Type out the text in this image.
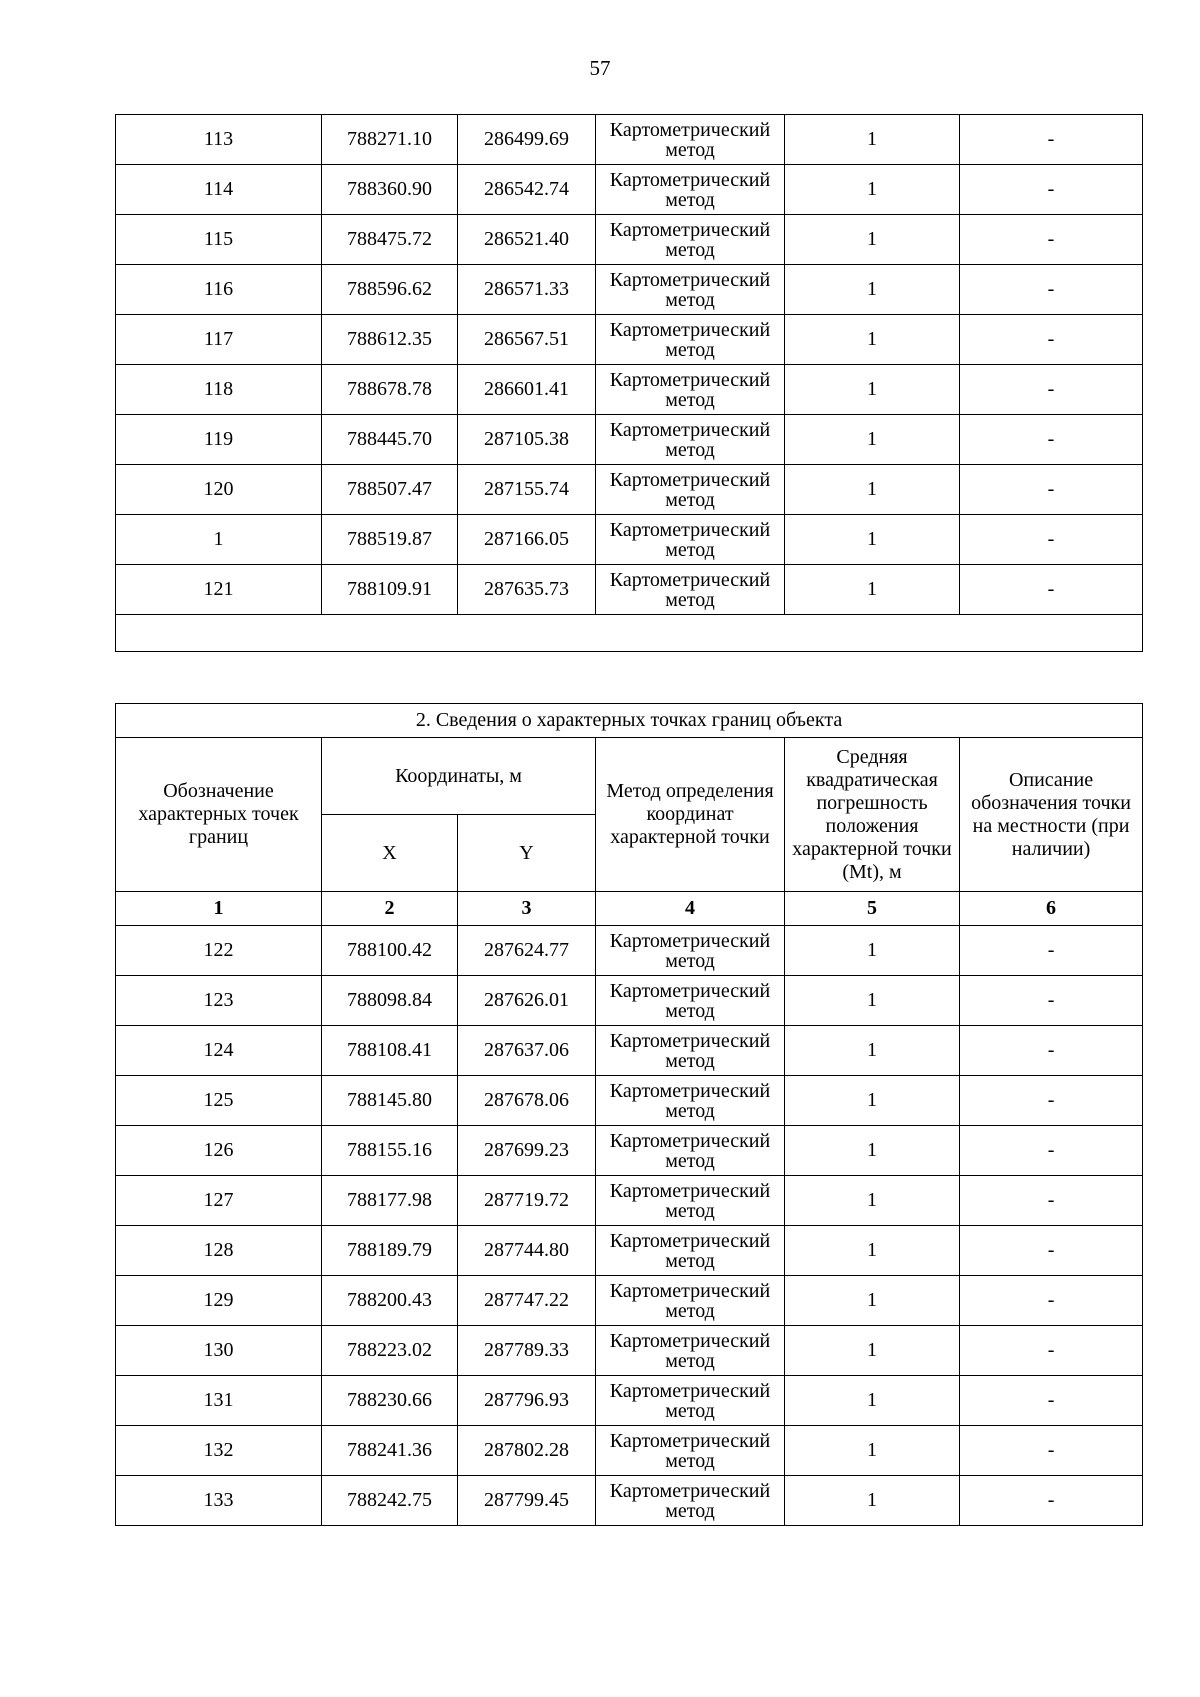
57
113	788271.10	286499.69	Картометрический метод	1	-
114	788360.90	286542.74	Картометрический метод	1	-
115	788475.72	286521.40	Картометрический метод	1	-
116	788596.62	286571.33	Картометрический метод	1	-
117	788612.35	286567.51	Картометрический метод	1	-
118	788678.78	286601.41	Картометрический метод	1	-
119	788445.70	287105.38	Картометрический метод	1	-
120	788507.47	287155.74	Картометрический метод	1	-
1	788519.87	287166.05	Картометрический метод	1	-
121	788109.91	287635.73	Картометрический метод	1	-

2. Сведения о характерных точках границ объекта					
Обозначение характерных точек границ	Координаты, м		Метод определения координат характерной точки	Средняя квадратическая погрешность положения характерной точки (Mt), м	Описание обозначения точки на местности (при наличии)
	X	Y			
1	2	3	4	5	6
122	788100.42	287624.77	Картометрический метод	1	-
123	788098.84	287626.01	Картометрический метод	1	-
124	788108.41	287637.06	Картометрический метод	1	-
125	788145.80	287678.06	Картометрический метод	1	-
126	788155.16	287699.23	Картометрический метод	1	-
127	788177.98	287719.72	Картометрический метод	1	-
128	788189.79	287744.80	Картометрический метод	1	-
129	788200.43	287747.22	Картометрический метод	1	-
130	788223.02	287789.33	Картометрический метод	1	-
131	788230.66	287796.93	Картометрический метод	1	-
132	788241.36	287802.28	Картометрический метод	1	-
133	788242.75	287799.45	Картометрический метод	1	-
